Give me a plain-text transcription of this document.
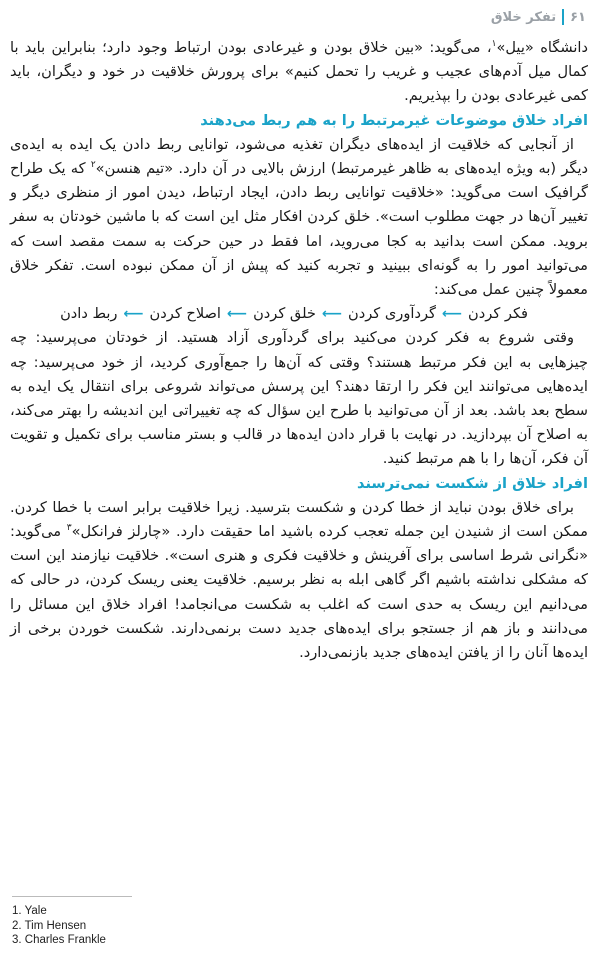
تفکر خلاق ۶۱

دانشگاه «ییل»$^۱$، می‌گوید: «بین خلاق بودن و غیرعادی بودن ارتباط وجود دارد؛ بنابراین باید با کمال میل آدم‌های عجیب و غریب را تحمل کنیم» برای پرورش خلاقیت در خود و دیگران، باید کمی غیرعادی بودن را بپذیریم.

افراد خلاق موضوعات غیرمرتبط را به هم ربط می‌دهند

از آنجایی که خلاقیت از ایده‌های دیگران تغذیه می‌شود، توانایی ربط دادن یک ایده به ایده‌ی دیگر (به ویژه ایده‌های به ظاهر غیرمرتبط) ارزش بالایی در آن دارد. «تیم هنسن»$^۲$ که یک طراح گرافیک است می‌گوید: «خلاقیت توانایی ربط دادن، ایجاد ارتباط، دیدن امور از منظری دیگر و تغییر آن‌ها در جهت مطلوب است». خلق کردن افکار مثل این است که با ماشین خودتان به سفر بروید. ممکن است بدانید به کجا می‌روید، اما فقط در حین حرکت به سمت مقصد است که می‌توانید امور را به گونه‌ای ببینید و تجربه کنید که پیش از آن ممکن نبوده است. تفکر خلاق معمولاً چنین عمل می‌کند:

فکر کردن
⟵
گردآوری کردن
⟵
خلق کردن
⟵
اصلاح کردن
⟵
ربط دادن

وقتی شروع به فکر کردن می‌کنید برای گردآوری آزاد هستید. از خودتان می‌پرسید: چه چیزهایی به این فکر مرتبط هستند؟ وقتی که آن‌ها را جمع‌آوری کردید، از خود می‌پرسید: چه ایده‌هایی می‌توانند این فکر را ارتقا دهند؟ این پرسش می‌تواند شروعی برای انتقال یک ایده به سطح بعد باشد. بعد از آن می‌توانید با طرح این سؤال که چه تغییراتی این اندیشه را بهتر می‌کند، به اصلاح آن بپردازید. در نهایت با قرار دادن ایده‌ها در قالب و بستر مناسب برای تکمیل و تقویت آن فکر، آن‌ها را با هم مرتبط کنید.

افراد خلاق از شکست نمی‌ترسند

برای خلاق بودن نباید از خطا کردن و شکست بترسید. زیرا خلاقیت برابر است با خطا کردن. ممکن است از شنیدن این جمله تعجب کرده باشید اما حقیقت دارد. «چارلز فرانکل»$^۳$ می‌گوید: «نگرانی شرط اساسی برای آفرینش و خلاقیت فکری و هنری است». خلاقیت نیازمند این است که مشکلی نداشته باشیم اگر گاهی ابله به نظر برسیم. خلاقیت یعنی ریسک کردن، در حالی که می‌دانیم این ریسک به حدی است که اغلب به شکست می‌انجامد! افراد خلاق این مسائل را می‌دانند و باز هم از جستجو برای ایده‌های جدید دست برنمی‌دارند. شکست خوردن برخی از ایده‌ها آنان را از یافتن ایده‌های جدید بازنمی‌دارد.

1. Yale
2. Tim Hensen
3. Charles Frankle
